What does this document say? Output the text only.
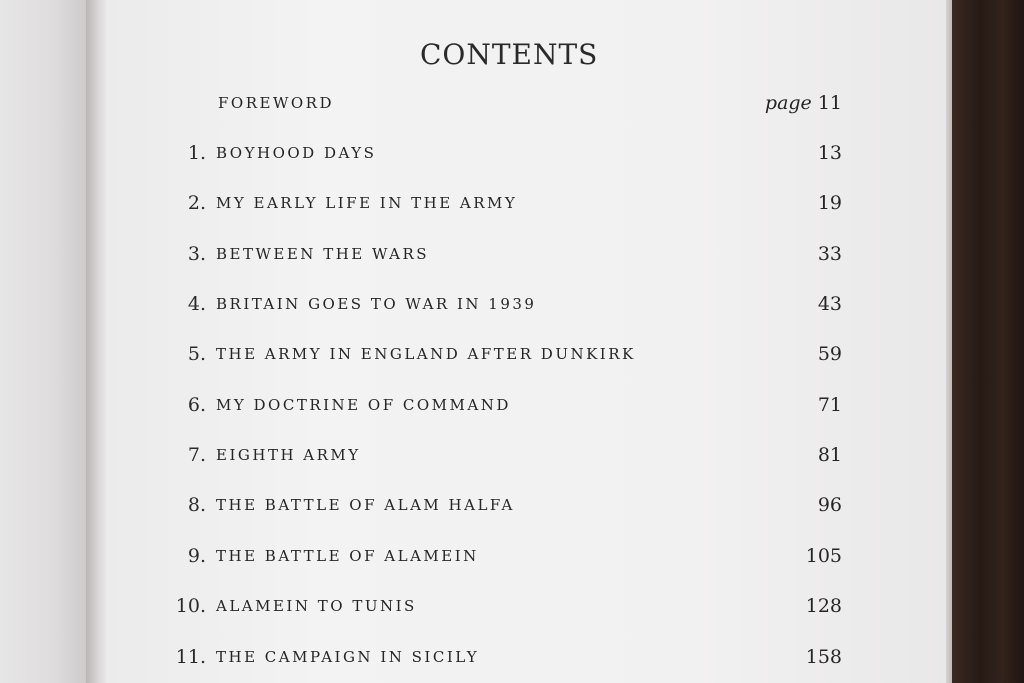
CONTENTS
FOREWORD	page 11
1. BOYHOOD DAYS	13
2. MY EARLY LIFE IN THE ARMY	19
3. BETWEEN THE WARS	33
4. BRITAIN GOES TO WAR IN 1939	43
5. THE ARMY IN ENGLAND AFTER DUNKIRK	59
6. MY DOCTRINE OF COMMAND	71
7. EIGHTH ARMY	81
8. THE BATTLE OF ALAM HALFA	96
9. THE BATTLE OF ALAMEIN	105
10. ALAMEIN TO TUNIS	128
11. THE CAMPAIGN IN SICILY	158
